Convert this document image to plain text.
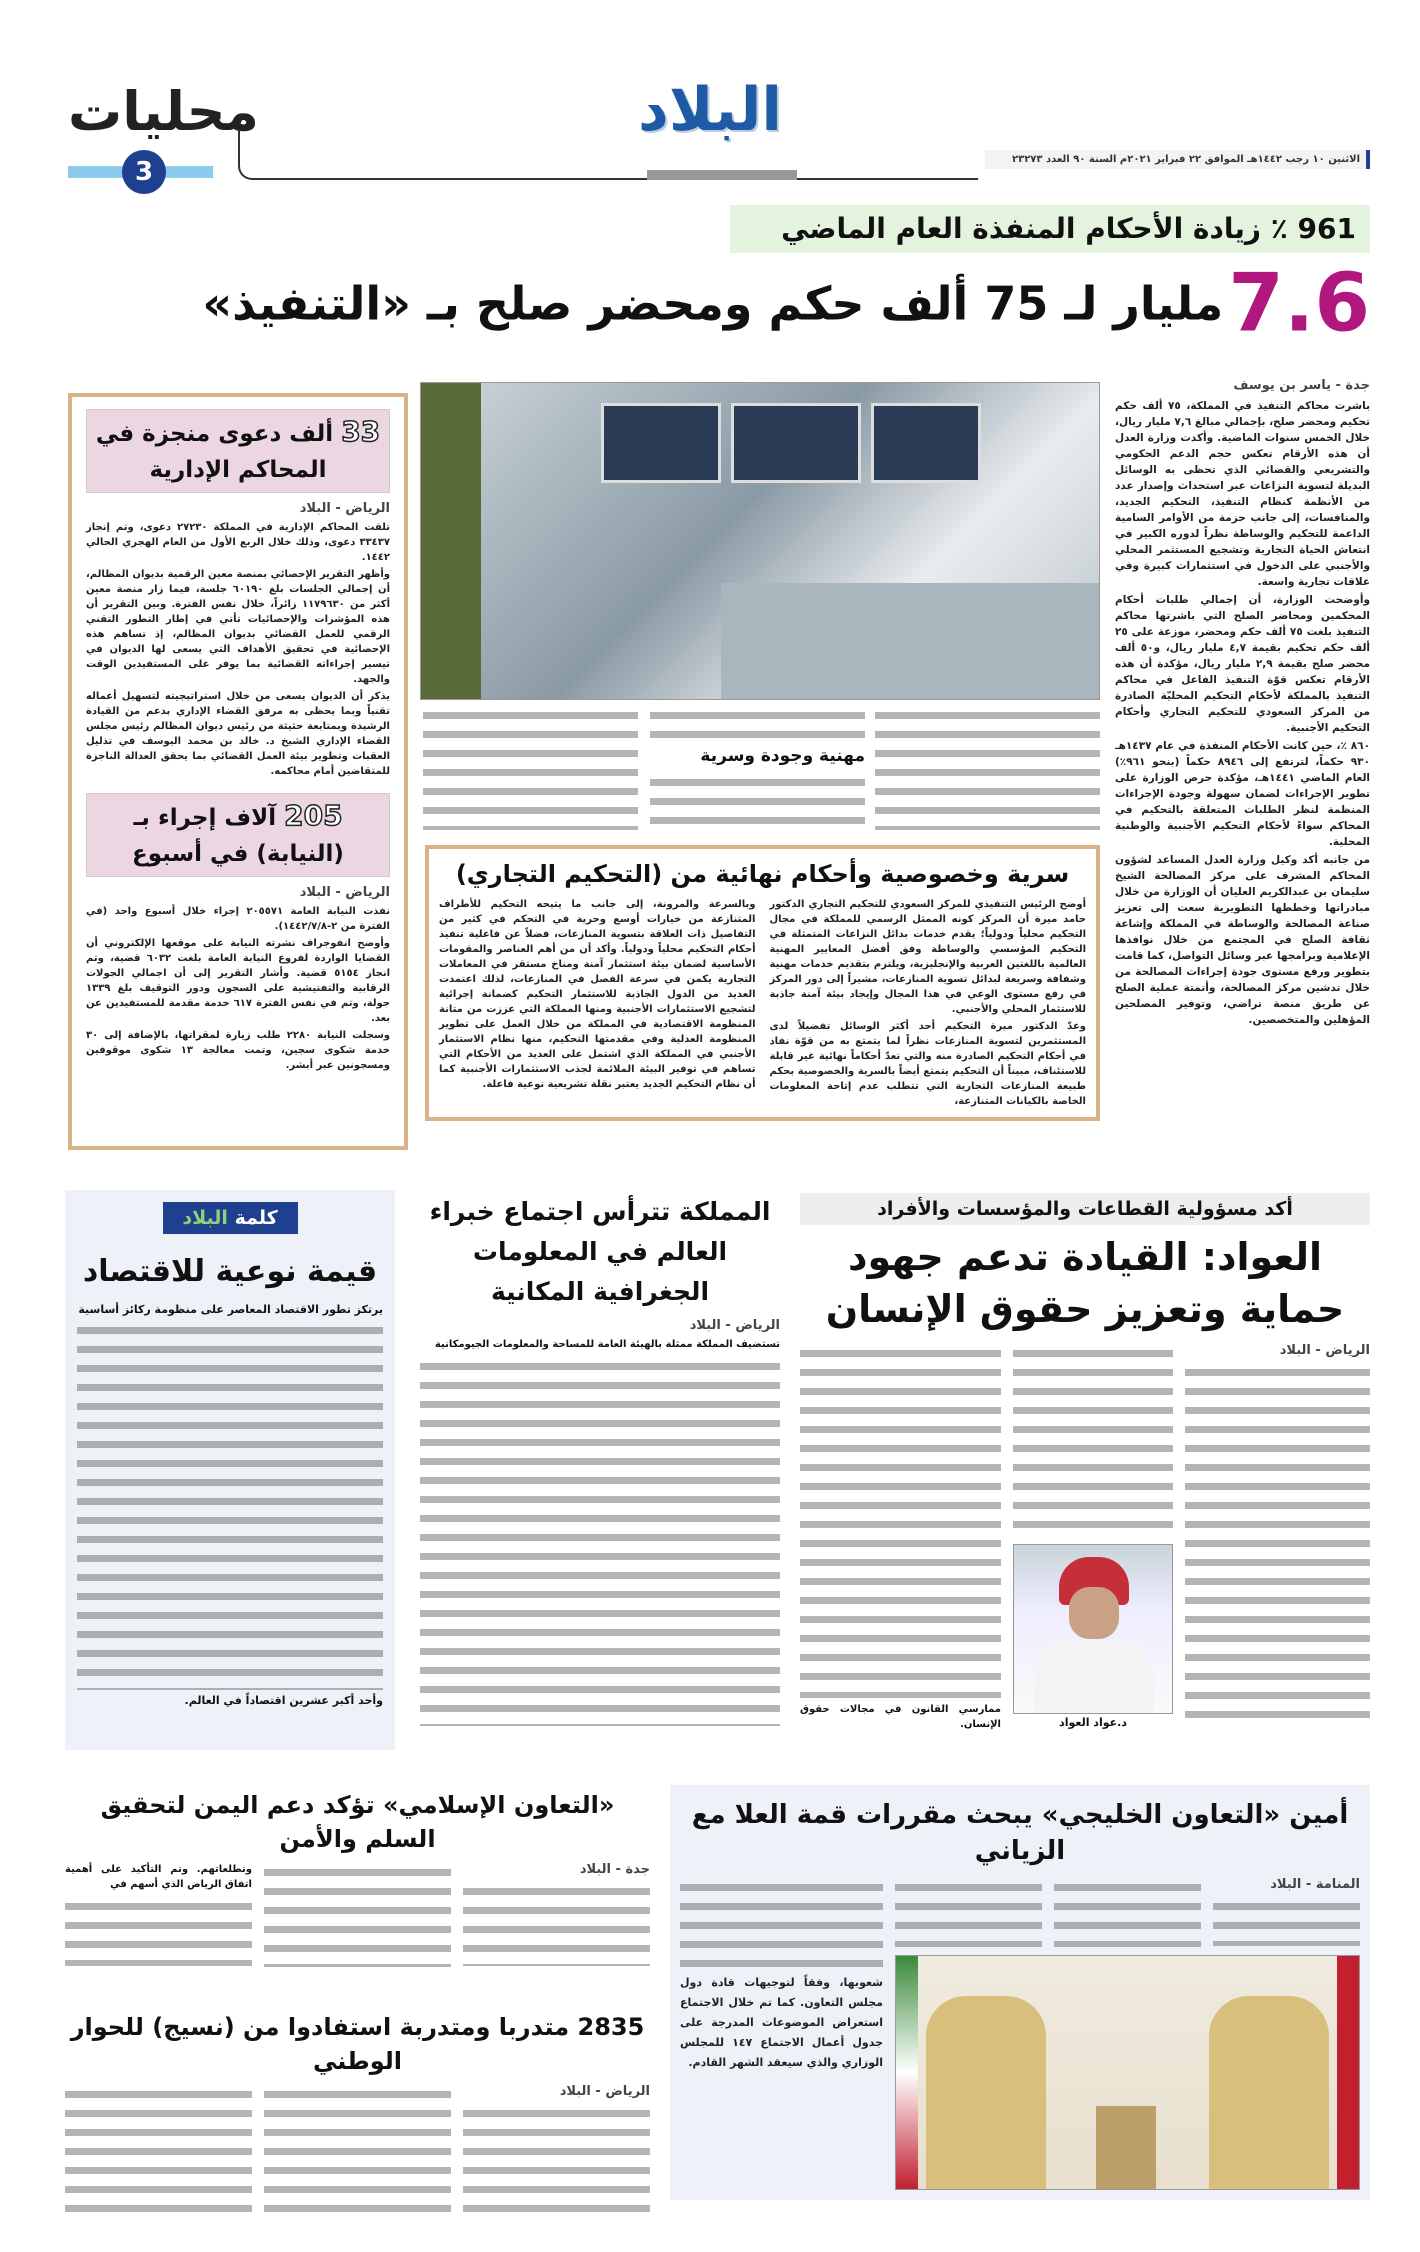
محليات
3
البلاد
الاثنين ١٠ رجب ١٤٤٢هـ الموافق ٢٢ فبراير ٢٠٢١م السنة ٩٠ العدد ٢٣٢٧٣
961 ٪ زيادة الأحكام المنفذة العام الماضي
7.6 مليار لـ 75 ألف حكم ومحضر صلح بـ «التنفيذ»
جدة - ياسر بن يوسف

باشرت محاكم التنفيذ في المملكة، ٧٥ ألف حكم تحكيم ومحضر صلح، بإجمالي مبالغ ٧,٦ مليار ريال، خلال الخمس سنوات الماضية. وأكدت وزارة العدل أن هذه الأرقام تعكس حجم الدعم الحكومي والتشريعي والقضائي الذي تحظى به الوسائل البديلة لتسوية النزاعات عبر استحداث وإصدار عدد من الأنظمة كنظام التنفيذ، التحكيم الجديد، والمنافسات، إلى جانب حزمة من الأوامر السامية الداعمة للتحكيم والوساطة نظراً لدوره الكبير في انتعاش الحياة التجارية وتشجيع المستثمر المحلي والأجنبي على الدخول في استثمارات كبيرة وفي علاقات تجارية واسعة.

وأوضحت الوزارة، أن إجمالي طلبات أحكام المحكمين ومحاضر الصلح التي باشرتها محاكم التنفيذ بلغت ٧٥ ألف حكم ومحضر، موزعة على ٢٥ ألف حكم تحكيم بقيمة ٤,٧ مليار ريال، و٥٠ ألف محضر صلح بقيمة ٢,٩ مليار ريال، مؤكدة أن هذه الأرقام تعكس قوّة التنفيذ الفاعل في محاكم التنفيذ بالمملكة لأحكام التحكيم المحليّة الصادرة من المركز السعودي للتحكيم التجاري وأحكام التحكيم الأجنبية.

٨٦٠ ٪، حين كانت الأحكام المنفذة في عام ١٤٣٧هـ ٩٣٠ حكماً، لترتفع إلى ٨٩٤٦ حكماً (بنحو ٩٦١٪) العام الماضي ١٤٤١هـ، مؤكدة حرص الوزارة على تطوير الإجراءات لضمان سهولة وجودة الإجراءات المنظمة لنظر الطلبات المتعلقة بالتحكيم في المحاكم سواءً لأحكام التحكيم الأجنبية والوطنية المحلية.

من جانبه أكد وكيل وزارة العدل المساعد لشؤون المحاكم المشرف على مركز المصالحة الشيخ سليمان بن عبدالكريم العليان أن الوزارة من خلال مبادراتها وخططها التطويرية سعت إلى تعزيز صناعة المصالحة والوساطة في المملكة وإشاعة ثقافة الصلح في المجتمع من خلال نوافذها الإعلامية وبرامجها عبر وسائل التواصل، كما قامت بتطوير ورفع مستوى جودة إجراءات المصالحة من خلال تدشين مركز المصالحة، وأتمتة عملية الصلح عن طريق منصة تراضي، وتوفير المصلحين المؤهلين والمتخصصين.

مهنية وجودة وسرية
سرية وخصوصية وأحكام نهائية من (التحكيم التجاري)

أوضح الرئيس التنفيذي للمركز السعودي للتحكيم التجاري الدكتور حامد ميرة أن المركز كونه الممثل الرسمي للمملكة في مجال التحكيم محلياً ودولياً؛ يقدم خدمات بدائل النزاعات المتمثلة في التحكيم المؤسسي والوساطة وفق أفضل المعايير المهنية العالمية باللغتين العربية والإنجليزية، ويلتزم بتقديم خدمات مهنية وشفافة وسريعة لبدائل تسوية المنازعات، مشيراً إلى دور المركز في رفع مستوى الوعي في هذا المجال وإيجاد بيئة آمنة جاذبة للاستثمار المحلي والأجنبي.

وعدّ الدكتور ميرة التحكيم أحد أكثر الوسائل تفضيلاً لدى المستثمرين لتسوية المنازعات نظراً لما يتمتع به من قوّة نفاذ في أحكام التحكيم الصادرة منه والتي تعدّ أحكاماً نهائية غير قابلة للاستئناف، مبيناً أن التحكيم يتمتع أيضاً بالسرية والخصوصية بحكم طبيعة المنازعات التجارية التي تتطلب عدم إتاحة المعلومات الخاصة بالكيانات المتنازعة،

وبالسرعة والمرونة، إلى جانب ما يتيحه التحكيم للأطراف المتنازعة من خيارات أوسع وحرية في التحكم في كثير من التفاصيل ذات العلاقة بتسوية المنازعات، فضلاً عن فاعلية تنفيذ أحكام التحكيم محلياً ودولياً. وأكد أن من أهم العناصر والمقومات الأساسية لضمان بيئة استثمار آمنة ومناخ مستقر في المعاملات التجارية يكمن في سرعة الفصل في المنازعات، لذلك اعتمدت العديد من الدول الجاذبة للاستثمار التحكيم كضمانة إجرائية لتشجيع الاستثمارات الأجنبية ومنها المملكة التي عززت من متانة المنظومة الاقتصادية في المملكة من خلال العمل على تطوير المنظومة العدلية وفي مقدمتها التحكيم، منها نظام الاستثمار الأجنبي في المملكة الذي اشتمل على العديد من الأحكام التي تساهم في توفير البيئة الملائمة لجذب الاستثمارات الأجنبية كما أن نظام التحكيم الجديد يعتبر نقلة تشريعية نوعية فاعلة.

33 ألف دعوى منجزة في المحاكم الإدارية
الرياض - البلاد

تلقت المحاكم الإدارية في المملكة ٢٧٢٣٠ دعوى، وتم إنجاز ٣٣٤٣٧ دعوى، وذلك خلال الربع الأول من العام الهجري الحالي ١٤٤٢.

وأظهر التقرير الإحصائي بمنصة معين الرقمية بديوان المظالم، أن إجمالي الجلسات بلغ ٦٠١٩٠ جلسة، فيما زار منصة معين أكثر من ١١٧٩٦٣٠ زائراً، خلال نفس الفترة. وبين التقرير أن هذه المؤشرات والإحصائيات تأتي في إطار التطور التقني الرقمي للعمل القضائي بديوان المظالم، إذ تساهم هذه الإحصائية في تحقيق الأهداف التي يسعى لها الديوان في تيسير إجراءاته القضائية بما يوفر على المستفيدين الوقت والجهد.

يذكر أن الديوان يسعى من خلال استراتيجيته لتسهيل أعماله تقنياً وبما يحظى به مرفق القضاء الإداري بدعم من القيادة الرشيدة وبمتابعة حثيثة من رئيس ديوان المظالم رئيس مجلس القضاء الإداري الشيخ د. خالد بن محمد اليوسف في تذليل العقبات وتطوير بيئة العمل القضائي بما يحقق العدالة الناجزة للمتقاضين أمام محاكمه.

205 آلاف إجراء بـ (النيابة) في أسبوع
الرياض - البلاد

نفذت النيابة العامة ٢٠٥٥٧١ إجراء خلال أسبوع واحد (في الفترة من ٢-١٤٤٢/٧/٨).

وأوضح انفوجراف نشرته النيابة على موقعها الإلكتروني أن القضايا الواردة لفروع النيابة العامة بلغت ٦٠٣٢ قضية، وتم انجاز ٥١٥٤ قضية. وأشار التقرير إلى أن اجمالي الجولات الرقابية والتفتيشية على السجون ودور التوقيف بلغ ١٣٣٩ جولة، وتم في نفس الفترة ٦١٧ خدمة مقدمة للمستفيدين عن بعد.

وسجلت النيابة ٢٢٨٠ طلب زيارة لمقراتها، بالإضافة إلى ٣٠ خدمة شكوى سجين، وتمت معالجة ١٣ شكوى موقوفين ومسجونين عبر أبشر.

أكد مسؤولية القطاعات والمؤسسات والأفراد
العواد: القيادة تدعم جهود حماية وتعزيز حقوق الإنسان
الرياض - البلاد
د.عواد العواد
ممارسي القانون في مجالات حقوق الإنسان.
المملكة تترأس اجتماع خبراء العالم في المعلومات الجغرافية المكانية
الرياض - البلاد
تستضيف المملكة ممثلة بالهيئة العامة للمساحة والمعلومات الجيومكانية
كلمة البلاد
قيمة نوعية للاقتصاد
يرتكز تطور الاقتصاد المعاصر على منظومة ركائز أساسية
وأحد أكبر عشرين اقتصاداً في العالم.
أمين «التعاون الخليجي» يبحث مقررات قمة العلا مع الزياني
المنامة - البلاد
شعوبها، وفقاً لتوجيهات قادة دول مجلس التعاون. كما تم خلال الاجتماع استعراض الموضوعات المدرجة على جدول أعمال الاجتماع ١٤٧ للمجلس الوزاري والذي سيعقد الشهر القادم.
«التعاون الإسلامي» تؤكد دعم اليمن لتحقيق السلم والأمن
جدة - البلاد
وتطلعاتهم. وتم التأكيد على أهمية اتفاق الرياض الذي أسهم في
2835 متدربا ومتدربة استفادوا من (نسيج) للحوار الوطني
الرياض - البلاد
